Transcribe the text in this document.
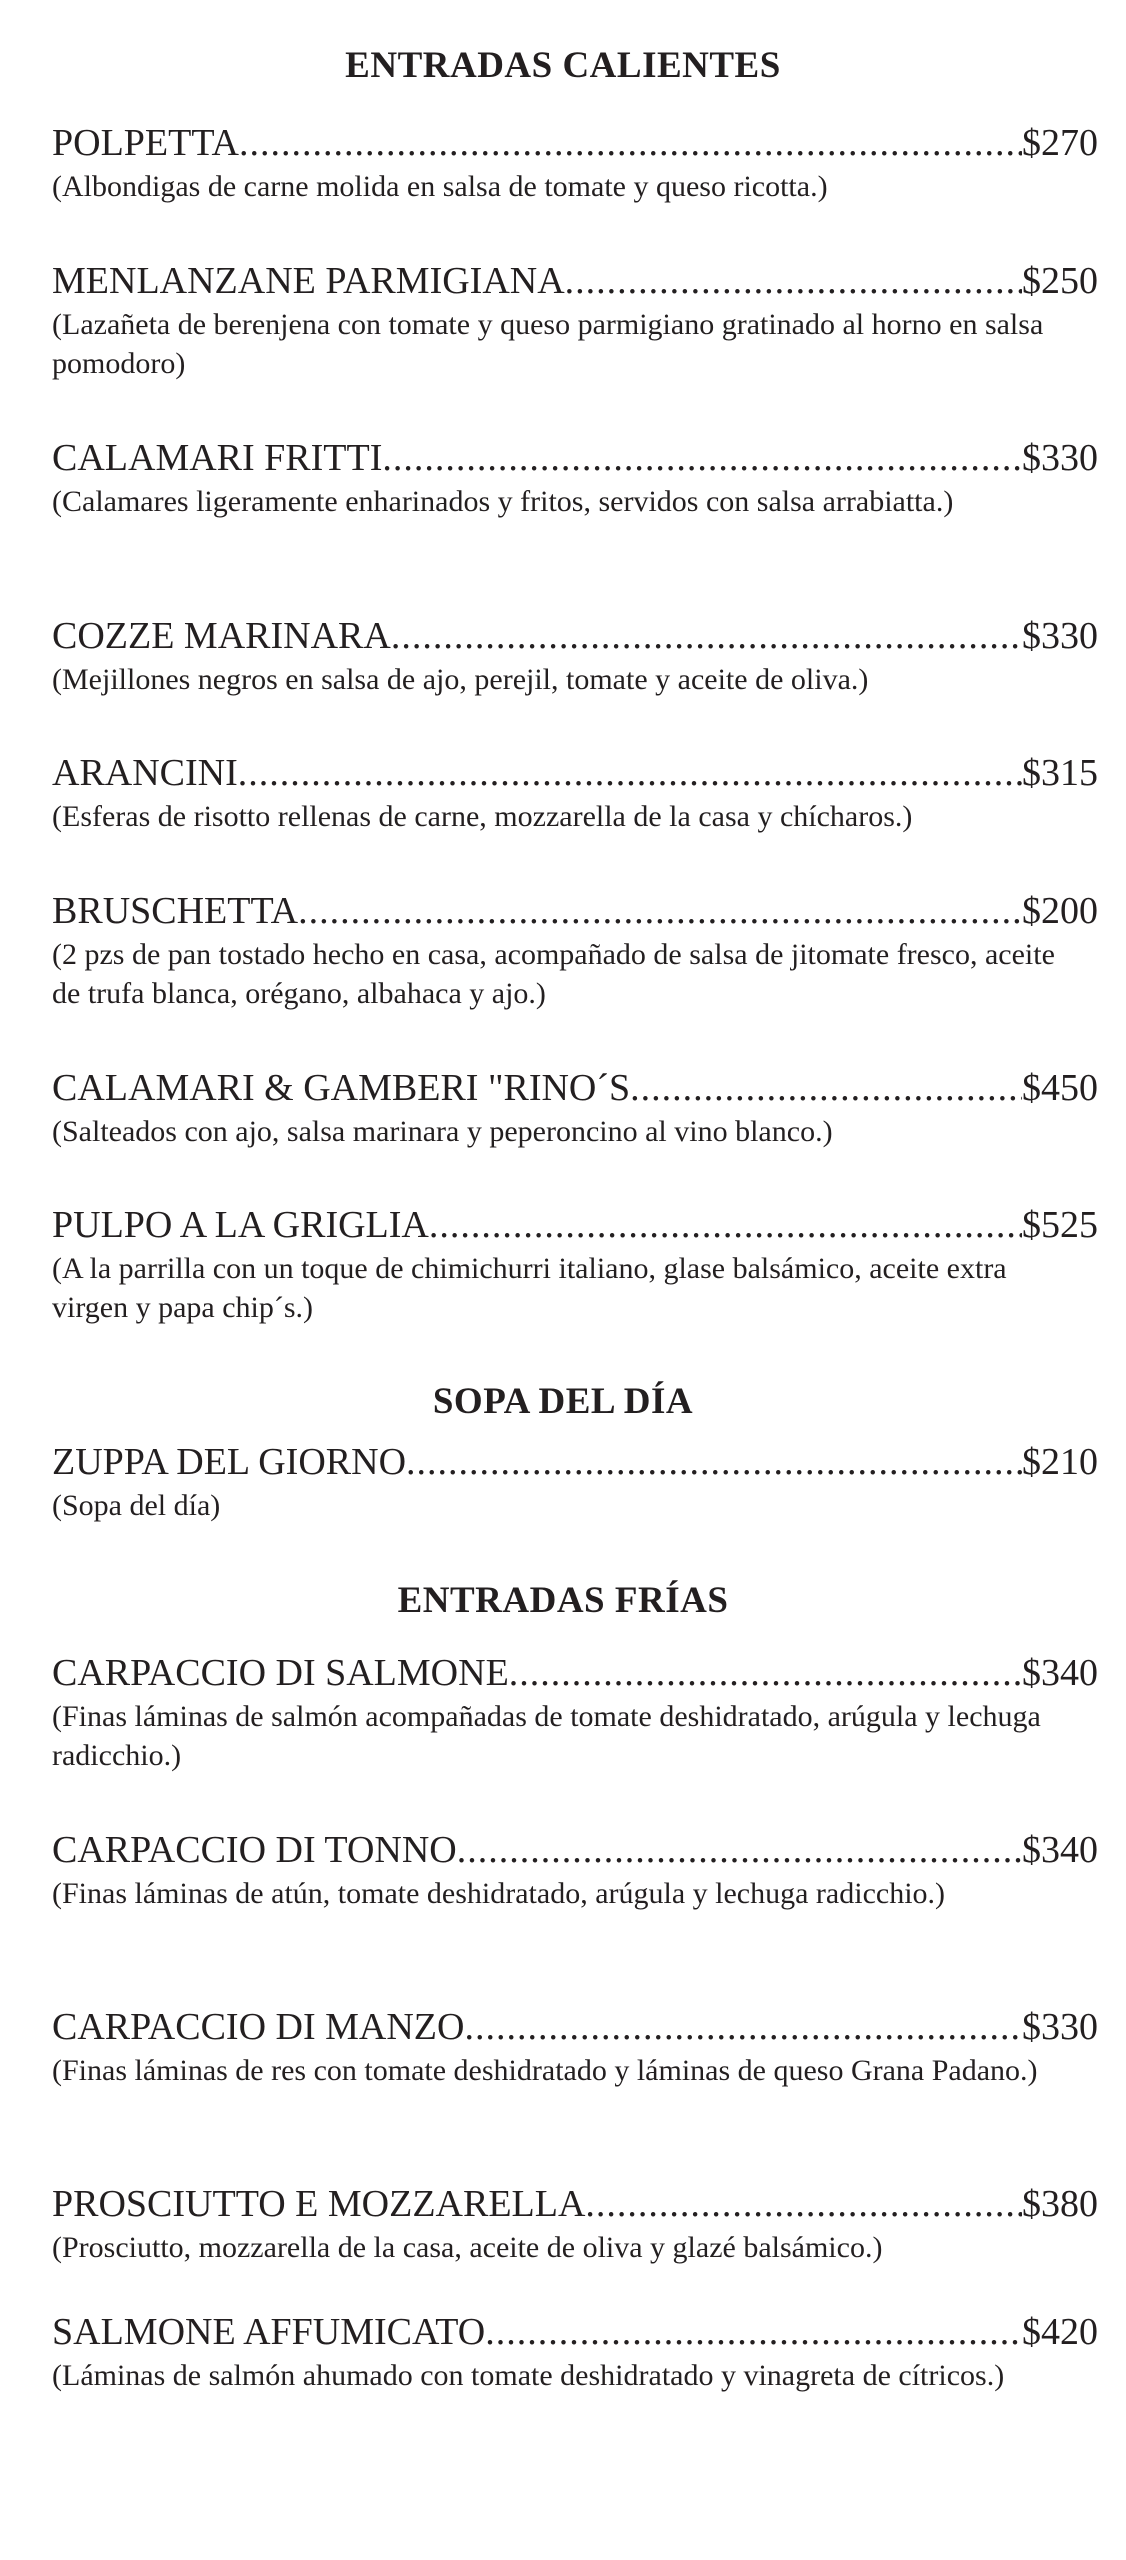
ENTRADAS CALIENTES
POLPETTA .....	$270
(Albondigas de carne molida en salsa de tomate y queso ricotta.)
MENLANZANE PARMIGIANA .....	$250
(Lazañeta de berenjena con tomate y queso parmigiano gratinado al horno en salsa pomodoro)
CALAMARI FRITTI .....	$330
(Calamares ligeramente enharinados y fritos, servidos con salsa arrabiatta.)
COZZE MARINARA .....	$330
(Mejillones negros en salsa de ajo, perejil, tomate y aceite de oliva.)
ARANCINI .....	$315
(Esferas de risotto rellenas de carne, mozzarella de la casa y chícharos.)
BRUSCHETTA .....	$200
(2 pzs de pan tostado hecho en casa, acompañado de salsa de jitomate fresco, aceite de trufa blanca, orégano, albahaca y ajo.)
CALAMARI & GAMBERI "RINO´S .....	$450
(Salteados con ajo, salsa marinara y peperoncino al vino blanco.)
PULPO A LA GRIGLIA .....	$525
(A la parrilla con un toque de chimichurri italiano, glase balsámico, aceite extra virgen y papa chip´s.)
SOPA DEL DÍA
ZUPPA DEL GIORNO .....	$210
(Sopa del día)
ENTRADAS FRÍAS
CARPACCIO DI SALMONE .....	$340
(Finas láminas de salmón acompañadas de tomate deshidratado, arúgula y lechuga radicchio.)
CARPACCIO DI TONNO .....	$340
(Finas láminas de atún, tomate deshidratado, arúgula y lechuga radicchio.)
CARPACCIO DI MANZO .....	$330
(Finas láminas de res con tomate deshidratado y láminas de queso Grana Padano.)
PROSCIUTTO E MOZZARELLA .....	$380
(Prosciutto, mozzarella de la casa, aceite de oliva y glazé balsámico.)
SALMONE AFFUMICATO .....	$420
(Láminas de salmón ahumado con tomate deshidratado y vinagreta de cítricos.)
